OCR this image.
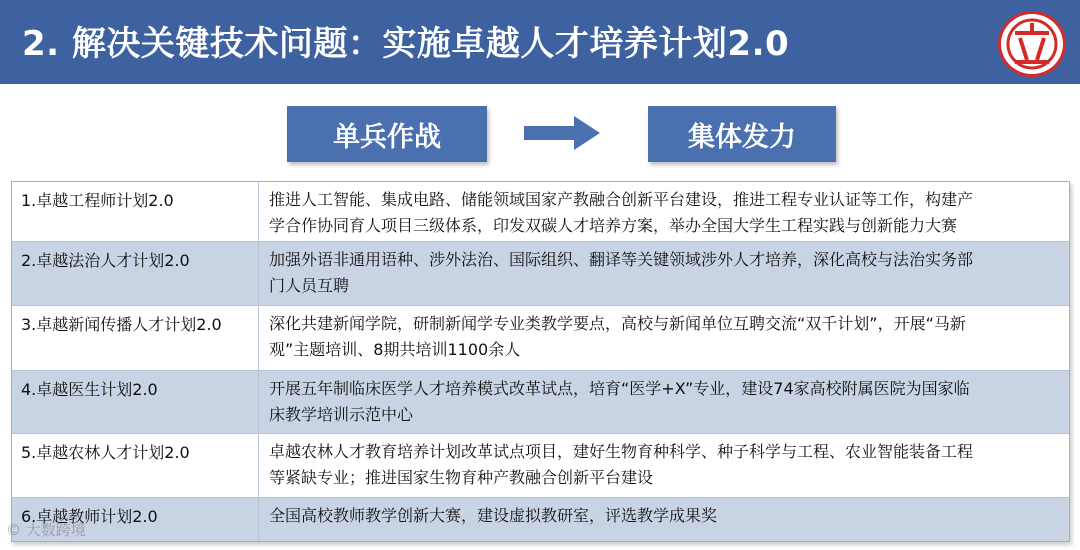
2. 解决关键技术问题：实施卓越人才培养计划2.0
单兵作战	集体发力
1.卓越工程师计划2.0	推进人工智能、集成电路、储能领域国家产教融合创新平台建设，推进工程专业认证等工作，构建产
学合作协同育人项目三级体系，印发双碳人才培养方案，举办全国大学生工程实践与创新能力大赛
2.卓越法治人才计划2.0	加强外语非通用语种、涉外法治、国际组织、翻译等关键领域涉外人才培养，深化高校与法治实务部
门人员互聘
3.卓越新闻传播人才计划2.0	深化共建新闻学院，研制新闻学专业类教学要点，高校与新闻单位互聘交流“双千计划”，开展“马新
观”主题培训、8期共培训1100余人
4.卓越医生计划2.0	开展五年制临床医学人才培养模式改革试点，培育“医学+X”专业，建设74家高校附属医院为国家临
床教学培训示范中心
5.卓越农林人才计划2.0	卓越农林人才教育培养计划改革试点项目，建好生物育种科学、种子科学与工程、农业智能装备工程
等紧缺专业；推进国家生物育种产教融合创新平台建设
6.卓越教师计划2.0	全国高校教师教学创新大赛，建设虚拟教研室，评选教学成果奖
© 大数跨境
